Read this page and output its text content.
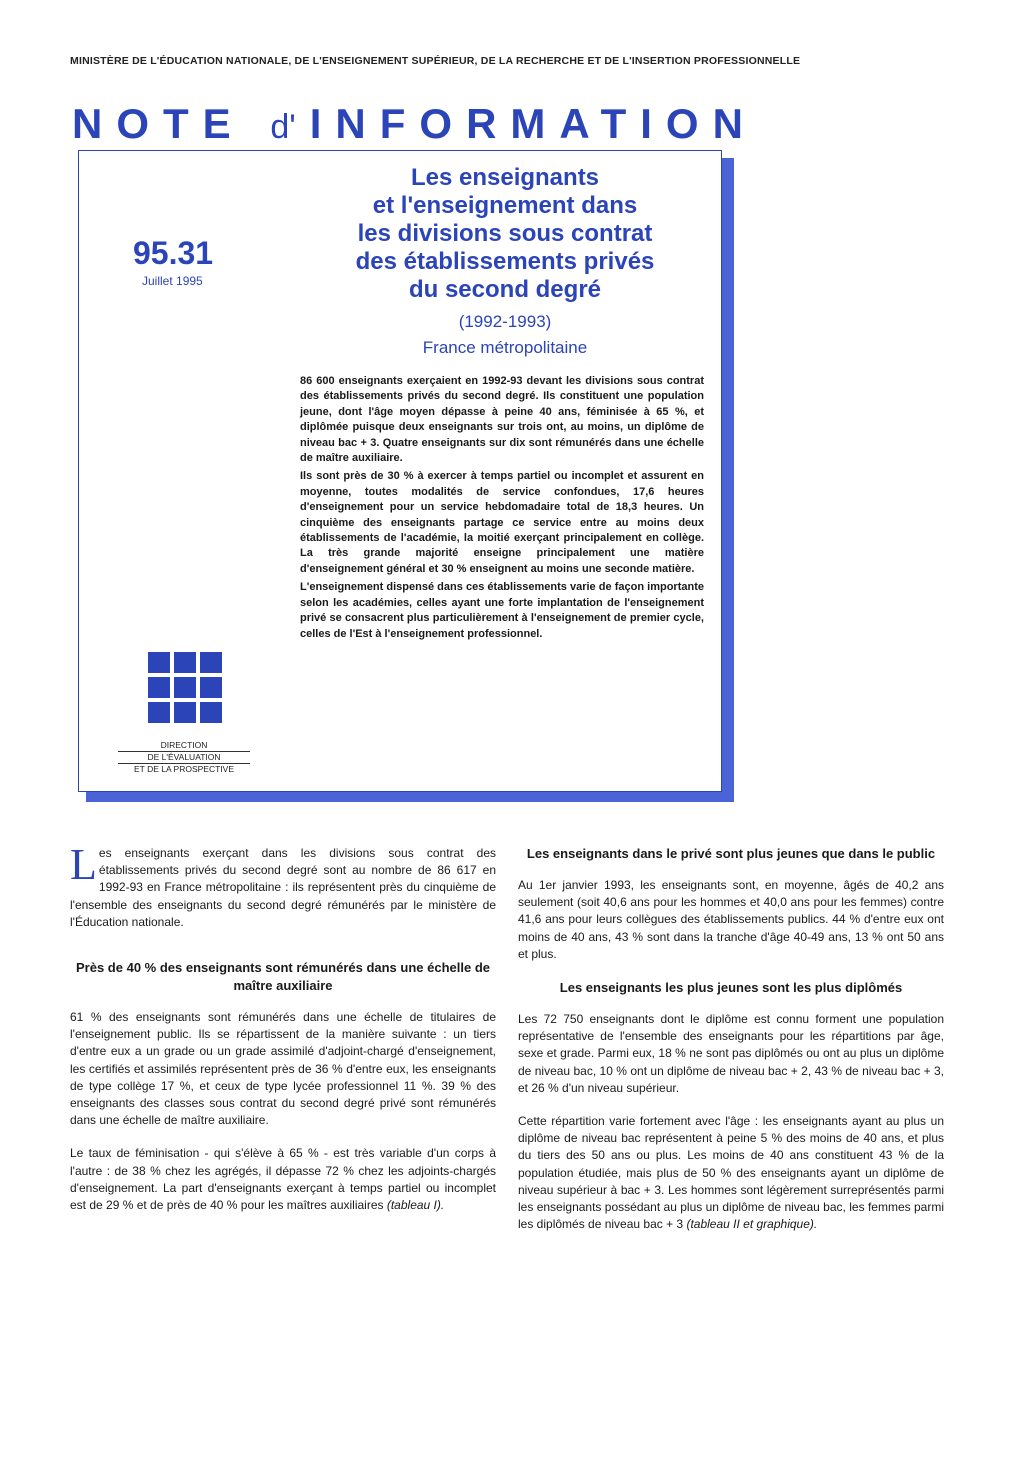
MINISTÈRE DE L'ÉDUCATION NATIONALE, DE L'ENSEIGNEMENT SUPÉRIEUR, DE LA RECHERCHE ET DE L'INSERTION PROFESSIONNELLE
NOTE d' INFORMATION
95.31
Juillet 1995
Les enseignants
et l'enseignement dans
les divisions sous contrat
des établissements privés
du second degré
(1992-1993)
France métropolitaine

86 600 enseignants exerçaient en 1992-93 devant les divisions sous contrat des établissements privés du second degré. Ils constituent une population jeune, dont l'âge moyen dépasse à peine 40 ans, féminisée à 65 %, et diplômée puisque deux enseignants sur trois ont, au moins, un diplôme de niveau bac + 3. Quatre enseignants sur dix sont rémunérés dans une échelle de maître auxiliaire.

Ils sont près de 30 % à exercer à temps partiel ou incomplet et assurent en moyenne, toutes modalités de service confondues, 17,6 heures d'enseignement pour un service hebdomadaire total de 18,3 heures. Un cinquième des enseignants partage ce service entre au moins deux établissements de l'académie, la moitié exerçant principalement en collège. La très grande majorité enseigne principalement une matière d'enseignement général et 30 % enseignent au moins une seconde matière.

L'enseignement dispensé dans ces établissements varie de façon importante selon les académies, celles ayant une forte implantation de l'enseignement privé se consacrent plus particulièrement à l'enseignement de premier cycle, celles de l'Est à l'enseignement professionnel.

DIRECTION
DE L'ÉVALUATION
ET DE LA PROSPECTIVE

Les enseignants exerçant dans les divisions sous contrat des établissements privés du second degré sont au nombre de 86 617 en 1992-93 en France métropolitaine : ils représentent près du cinquième de l'ensemble des enseignants du second degré rémunérés par le ministère de l'Éducation nationale.

Près de 40 % des enseignants sont rémunérés dans une échelle de maître auxiliaire

61 % des enseignants sont rémunérés dans une échelle de titulaires de l'enseignement public. Ils se répartissent de la manière suivante : un tiers d'entre eux a un grade ou un grade assimilé d'adjoint-chargé d'enseignement, les certifiés et assimilés représentent près de 36 % d'entre eux, les enseignants de type collège 17 %, et ceux de type lycée professionnel 11 %. 39 % des enseignants des classes sous contrat du second degré privé sont rémunérés dans une échelle de maître auxiliaire.

Le taux de féminisation - qui s'élève à 65 % - est très variable d'un corps à l'autre : de 38 % chez les agrégés, il dépasse 72 % chez les adjoints-chargés d'enseignement. La part d'enseignants exerçant à temps partiel ou incomplet est de 29 % et de près de 40 % pour les maîtres auxiliaires (tableau I).

Les enseignants dans le privé sont plus jeunes que dans le public

Au 1er janvier 1993, les enseignants sont, en moyenne, âgés de 40,2 ans seulement (soit 40,6 ans pour les hommes et 40,0 ans pour les femmes) contre 41,6 ans pour leurs collègues des établissements publics. 44 % d'entre eux ont moins de 40 ans, 43 % sont dans la tranche d'âge 40-49 ans, 13 % ont 50 ans et plus.

Les enseignants les plus jeunes sont les plus diplômés

Les 72 750 enseignants dont le diplôme est connu forment une population représentative de l'ensemble des enseignants pour les répartitions par âge, sexe et grade. Parmi eux, 18 % ne sont pas diplômés ou ont au plus un diplôme de niveau bac, 10 % ont un diplôme de niveau bac + 2, 43 % de niveau bac + 3, et 26 % d'un niveau supérieur.

Cette répartition varie fortement avec l'âge : les enseignants ayant au plus un diplôme de niveau bac représentent à peine 5 % des moins de 40 ans, et plus du tiers des 50 ans ou plus. Les moins de 40 ans constituent 43 % de la population étudiée, mais plus de 50 % des enseignants ayant un diplôme de niveau supérieur à bac + 3. Les hommes sont légèrement surreprésentés parmi les enseignants possédant au plus un diplôme de niveau bac, les femmes parmi les diplômés de niveau bac + 3 (tableau II et graphique).
